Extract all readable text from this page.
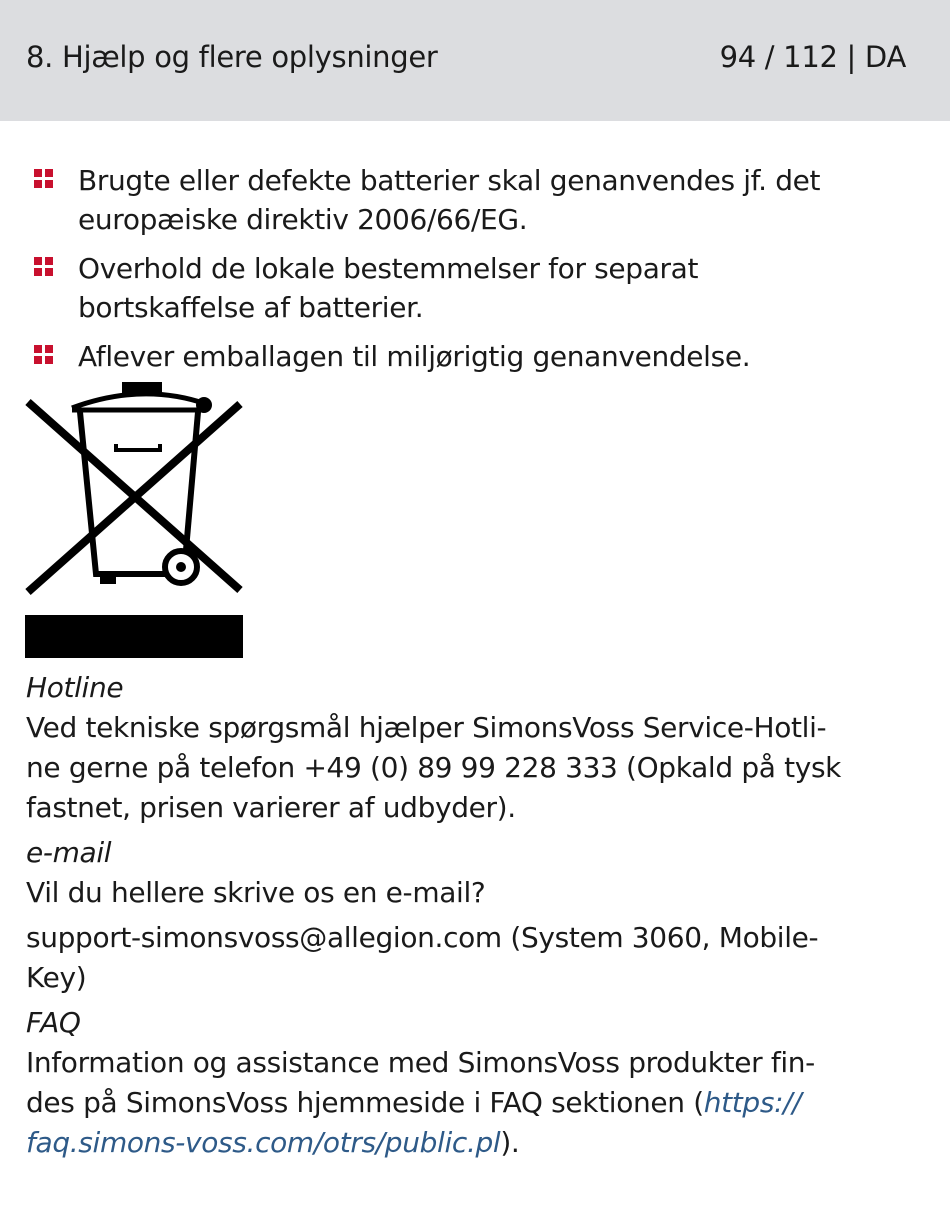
8. Hjælp og flere oplysninger	94 / 112 | DA
Brugte eller defekte batterier skal genanvendes jf. det
europæiske direktiv 2006/66/EG.
Overhold de lokale bestemmelser for separat
bortskaffelse af batterier.
Aflever emballagen til miljørigtig genanvendelse.
Hotline
Ved tekniske spørgsmål hjælper SimonsVoss Service-Hotli-
ne gerne på telefon +49 (0) 89 99 228 333 (Opkald på tysk
fastnet, prisen varierer af udbyder).
e-mail
Vil du hellere skrive os en e-mail?
support-simonsvoss@allegion.com (System 3060, Mobile-
Key)
FAQ
Information og assistance med SimonsVoss produkter fin-
des på SimonsVoss hjemmeside i FAQ sektionen (https://
faq.simons-voss.com/otrs/public.pl).
